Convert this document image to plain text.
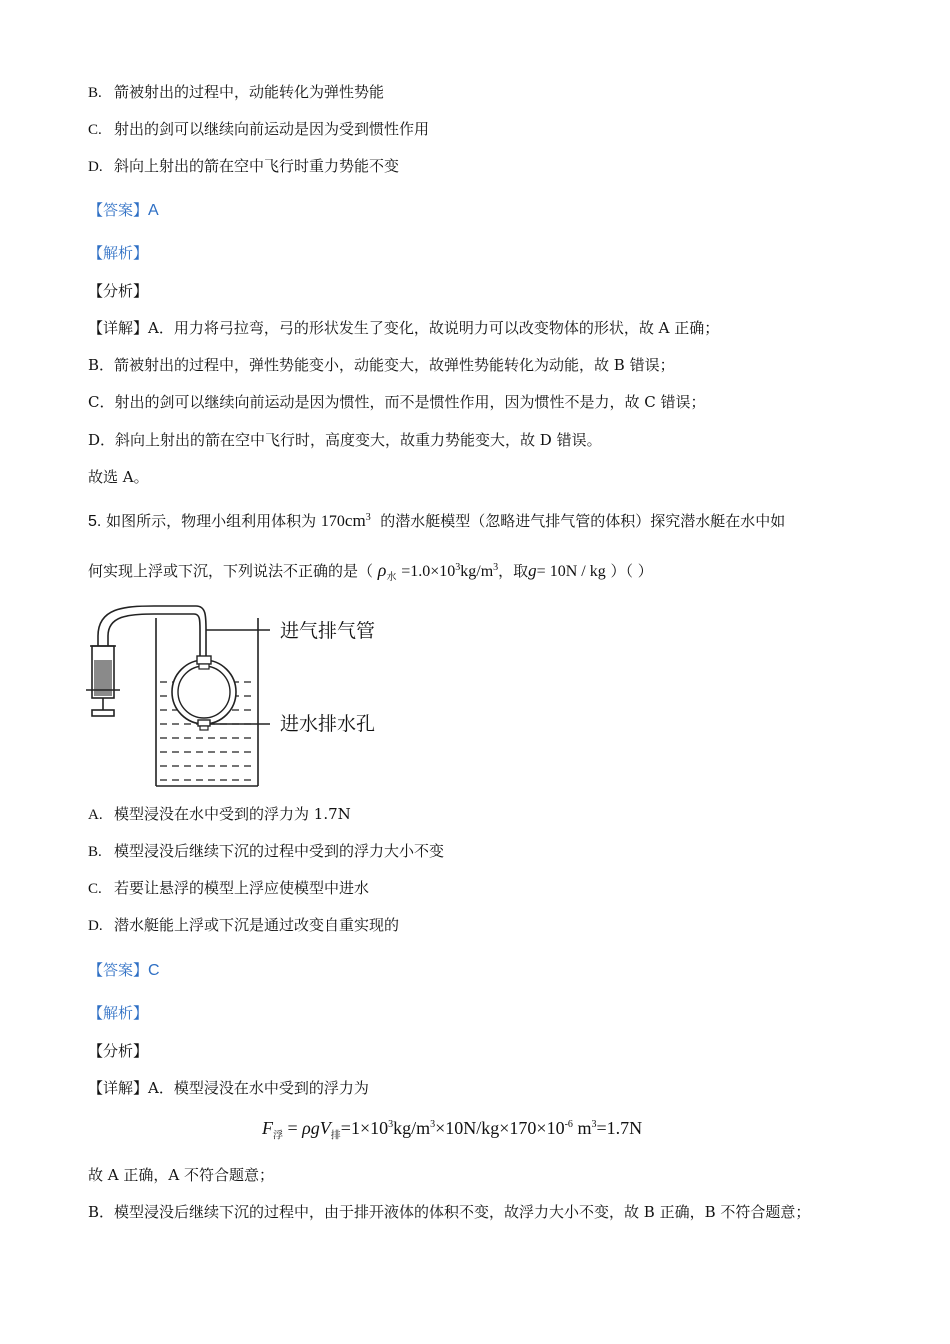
B. 箭被射出的过程中，动能转化为弹性势能
C. 射出的剑可以继续向前运动是因为受到惯性作用
D. 斜向上射出的箭在空中飞行时重力势能不变
【答案】A
【解析】
【分析】
【详解】A．用力将弓拉弯，弓的形状发生了变化，故说明力可以改变物体的形状，故 A 正确；
B．箭被射出的过程中，弹性势能变小，动能变大，故弹性势能转化为动能，故 B 错误；
C．射出的剑可以继续向前运动是因为惯性，而不是惯性作用，因为惯性不是力，故 C 错误；
D．斜向上射出的箭在空中飞行时，高度变大，故重力势能变大，故 D 错误。
故选 A。
5. 如图所示，物理小组利用体积为 $170cm^3$ 的潜水艇模型（忽略进气排气管的体积）探究潜水艇在水中如
何实现上浮或下沉，下列说法不正确的是（ $\rho_水 =1.0\times 10^3kg/m^3$，取g= 10N / kg ）（ ）
进气排气管
进水排水孔
A. 模型浸没在水中受到的浮力为 1.7N
B. 模型浸没后继续下沉的过程中受到的浮力大小不变
C. 若要让悬浮的模型上浮应使模型中进水
D. 潜水艇能上浮或下沉是通过改变自重实现的
【答案】C
【解析】
【分析】
【详解】A．模型浸没在水中受到的浮力为
$F_浮 = \rho gV_排=1\times 10^3kg/m^3\times 10N/kg\times 170\times 10^{-6}$ $m^3=1.7N$
故 A 正确，A 不符合题意；
B．模型浸没后继续下沉的过程中，由于排开液体的体积不变，故浮力大小不变，故 B 正确，B 不符合题意；
